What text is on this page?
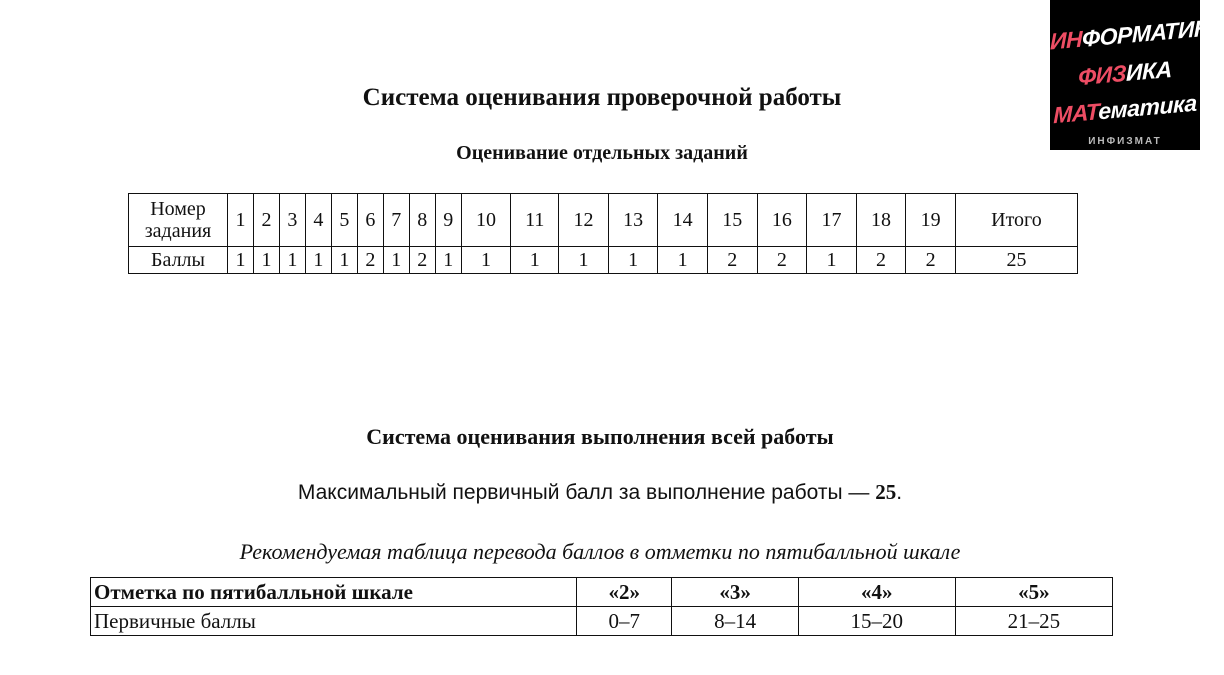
ИНФОРМАТИКА
ФИЗИКА
МАТематика
ИНФИЗМАТ
Система оценивания проверочной работы
Оценивание отдельных заданий
Номер задания	1	2	3	4	5	6	7	8	9	10	11	12	13	14	15	16	17	18	19	Итого
Баллы	1	1	1	1	1	2	1	2	1	1	1	1	1	1	2	2	1	2	2	25
Система оценивания выполнения всей работы
Максимальный первичный балл за выполнение работы — 25.
Рекомендуемая таблица перевода баллов в отметки по пятибалльной шкале
Отметка по пятибалльной шкале	«2»	«3»	«4»	«5»
Первичные баллы	0–7	8–14	15–20	21–25
